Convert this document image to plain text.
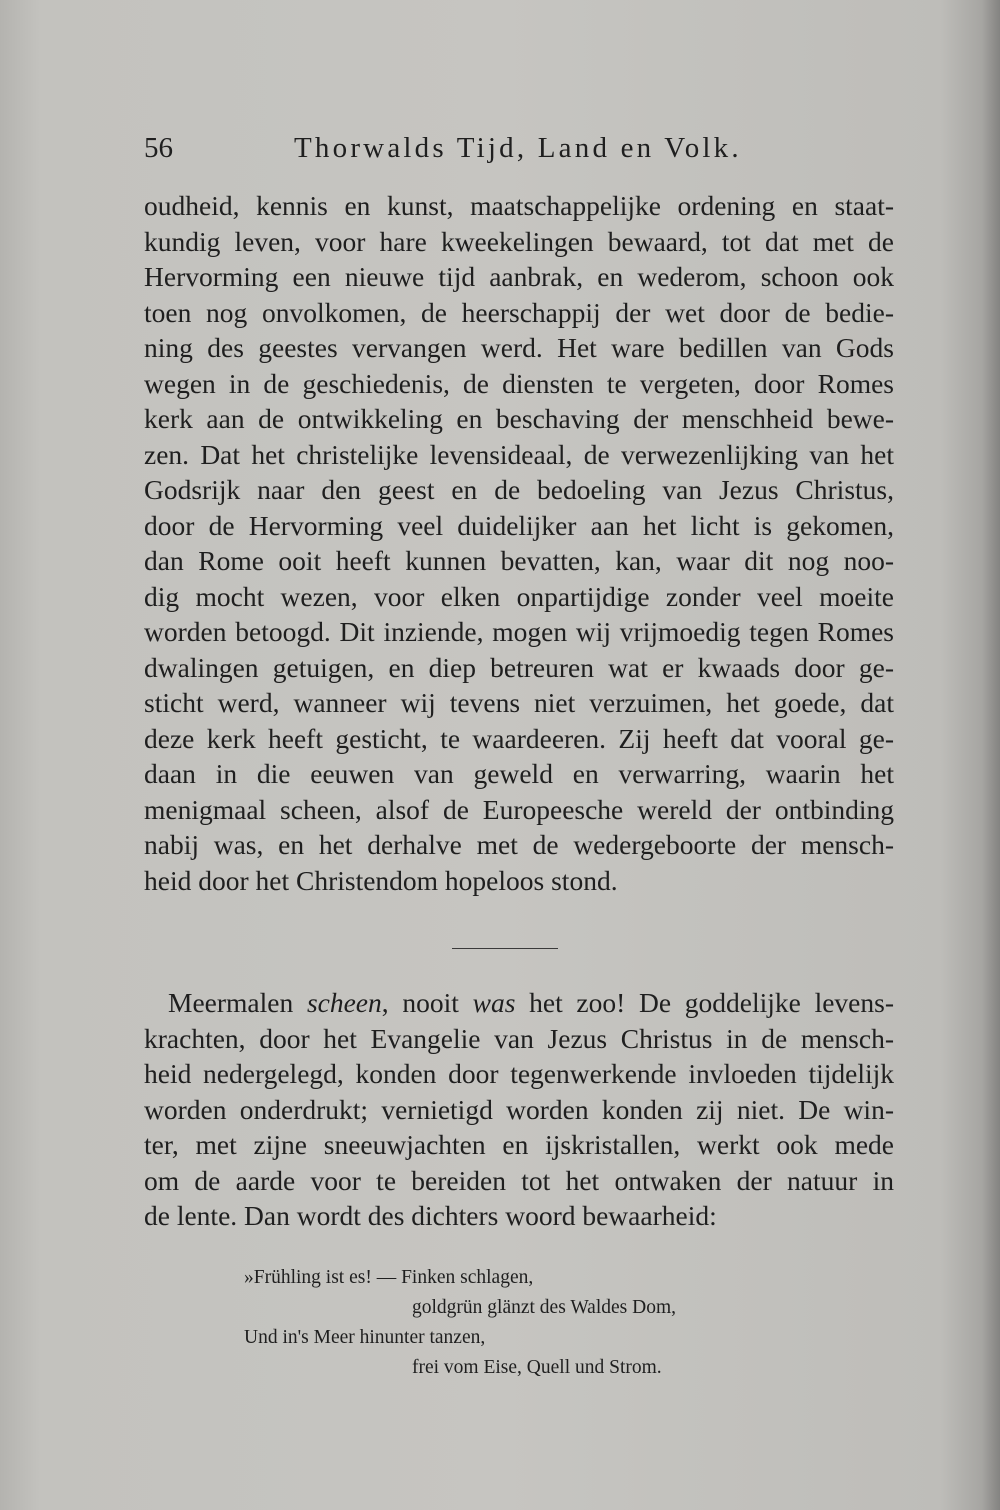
56	Thorwalds Tijd, Land en Volk.
oudheid, kennis en kunst, maatschappelijke ordening en staat-
kundig leven, voor hare kweekelingen bewaard, tot dat met de
Hervorming een nieuwe tijd aanbrak, en wederom, schoon ook
toen nog onvolkomen, de heerschappij der wet door de bedie-
ning des geestes vervangen werd. Het ware bedillen van Gods
wegen in de geschiedenis, de diensten te vergeten, door Romes
kerk aan de ontwikkeling en beschaving der menschheid bewe-
zen. Dat het christelijke levensideaal, de verwezenlijking van het
Godsrijk naar den geest en de bedoeling van Jezus Christus,
door de Hervorming veel duidelijker aan het licht is gekomen,
dan Rome ooit heeft kunnen bevatten, kan, waar dit nog noo-
dig mocht wezen, voor elken onpartijdige zonder veel moeite
worden betoogd. Dit inziende, mogen wij vrijmoedig tegen Romes
dwalingen getuigen, en diep betreuren wat er kwaads door ge-
sticht werd, wanneer wij tevens niet verzuimen, het goede, dat
deze kerk heeft gesticht, te waardeeren. Zij heeft dat vooral ge-
daan in die eeuwen van geweld en verwarring, waarin het
menigmaal scheen, alsof de Europeesche wereld der ontbinding
nabij was, en het derhalve met de wedergeboorte der mensch-
heid door het Christendom hopeloos stond.
Meermalen scheen, nooit was het zoo! De goddelijke levens-
krachten, door het Evangelie van Jezus Christus in de mensch-
heid nedergelegd, konden door tegenwerkende invloeden tijdelijk
worden onderdrukt; vernietigd worden konden zij niet. De win-
ter, met zijne sneeuwjachten en ijskristallen, werkt ook mede
om de aarde voor te bereiden tot het ontwaken der natuur in
de lente. Dan wordt des dichters woord bewaarheid:
»Frühling ist es! — Finken schlagen,
goldgrün glänzt des Waldes Dom,
Und in's Meer hinunter tanzen,
frei vom Eise, Quell und Strom.
